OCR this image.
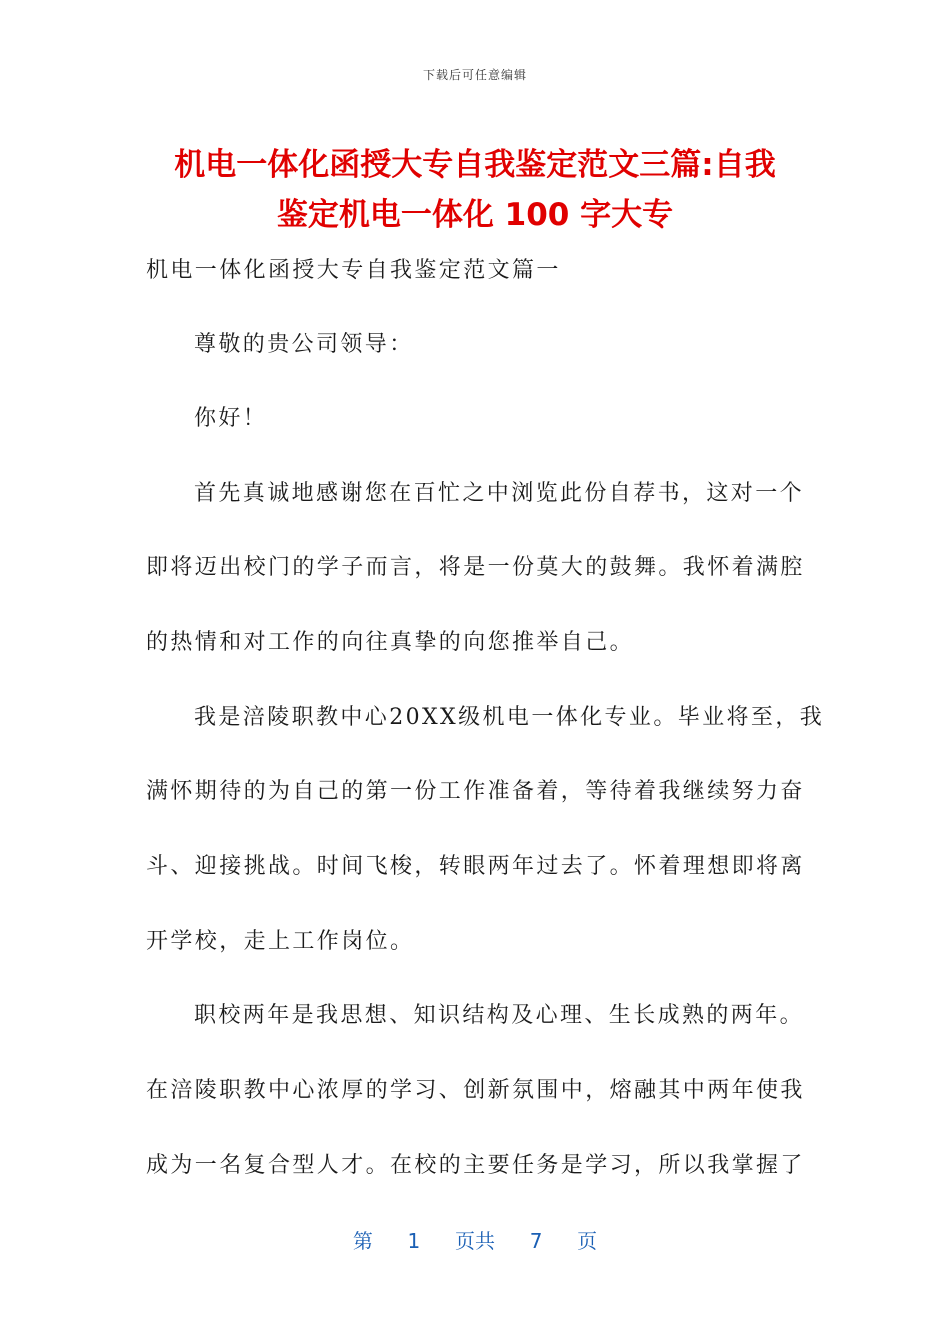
下载后可任意编辑
机电一体化函授大专自我鉴定范文三篇:自我
鉴定机电一体化 100 字大专
机电一体化函授大专自我鉴定范文篇一
尊敬的贵公司领导：
你好！
首先真诚地感谢您在百忙之中浏览此份自荐书，这对一个
即将迈出校门的学子而言，将是一份莫大的鼓舞。我怀着满腔
的热情和对工作的向往真挚的向您推举自己。
我是涪陵职教中心20XX级机电一体化专业。毕业将至，我
满怀期待的为自己的第一份工作准备着，等待着我继续努力奋
斗、迎接挑战。时间飞梭，转眼两年过去了。怀着理想即将离
开学校，走上工作岗位。
职校两年是我思想、知识结构及心理、生长成熟的两年。
在涪陵职教中心浓厚的学习、创新氛围中，熔融其中两年使我
成为一名复合型人才。在校的主要任务是学习，所以我掌握了
第 1 页共 7 页
